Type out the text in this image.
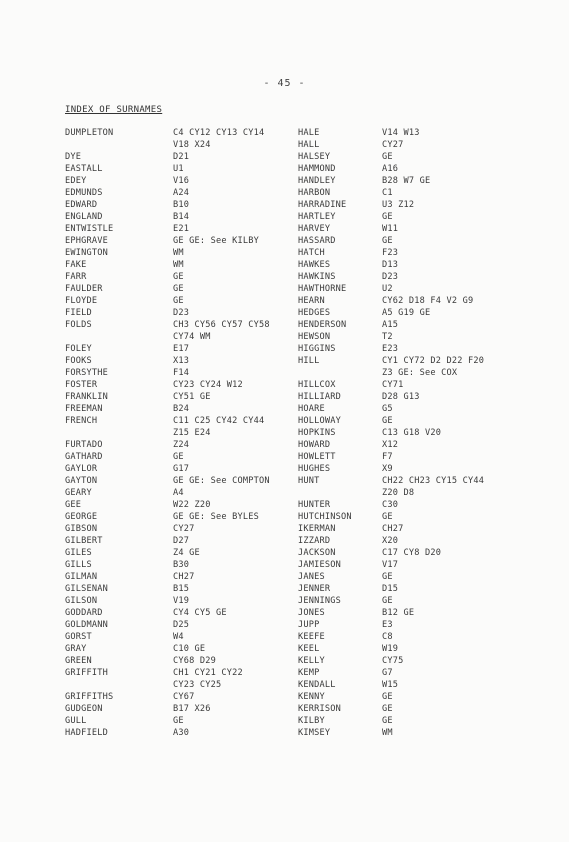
- 45 -
INDEX OF SURNAMES
DUMPLETON	C4 CY12 CY13 CY14
V18 X24
DYE	D21
EASTALL	U1
EDEY	V16
EDMUNDS	A24
EDWARD	B10
ENGLAND	B14
ENTWISTLE	E21
EPHGRAVE	GE GE: See KILBY
EWINGTON	WM
FAKE	WM
FARR	GE
FAULDER	GE
FLOYDE	GE
FIELD	D23
FOLDS	CH3 CY56 CY57 CY58
CY74 WM
FOLEY	E17
FOOKS	X13
FORSYTHE	F14
FOSTER	CY23 CY24 W12
FRANKLIN	CY51 GE
FREEMAN	B24
FRENCH	C11 C25 CY42 CY44
Z15 E24
FURTADO	Z24
GATHARD	GE
GAYLOR	G17
GAYTON	GE GE: See COMPTON
GEARY	A4
GEE	W22 Z20
GEORGE	GE GE: See BYLES
GIBSON	CY27
GILBERT	D27
GILES	Z4 GE
GILLS	B30
GILMAN	CH27
GILSENAN	B15
GILSON	V19
GODDARD	CY4 CY5 GE
GOLDMANN	D25
GORST	W4
GRAY	C10 GE
GREEN	CY68 D29
GRIFFITH	CH1 CY21 CY22
CY23 CY25
GRIFFITHS	CY67
GUDGEON	B17 X26
GULL	GE
HADFIELD	A30
HALE	V14 W13
HALL	CY27
HALSEY	GE
HAMMOND	A16
HANDLEY	B28 W7 GE
HARBON	C1
HARRADINE	U3 Z12
HARTLEY	GE
HARVEY	W11
HASSARD	GE
HATCH	F23
HAWKES	D13
HAWKINS	D23
HAWTHORNE	U2
HEARN	CY62 D18 F4 V2 G9
HEDGES	A5 G19 GE
HENDERSON	A15
HEWSON	T2
HIGGINS	E23
HILL	CY1 CY72 D2 D22 F20
Z3 GE: See COX
HILLCOX	CY71
HILLIARD	D28 G13
HOARE	G5
HOLLOWAY	GE
HOPKINS	C13 G18 V20
HOWARD	X12
HOWLETT	F7
HUGHES	X9
HUNT	CH22 CH23 CY15 CY44
Z20 D8
HUNTER	C30
HUTCHINSON	GE
IKERMAN	CH27
IZZARD	X20
JACKSON	C17 CY8 D20
JAMIESON	V17
JANES	GE
JENNER	D15
JENNINGS	GE
JONES	B12 GE
JUPP	E3
KEEFE	C8
KEEL	W19
KELLY	CY75
KEMP	G7
KENDALL	W15
KENNY	GE
KERRISON	GE
KILBY	GE
KIMSEY	WM
